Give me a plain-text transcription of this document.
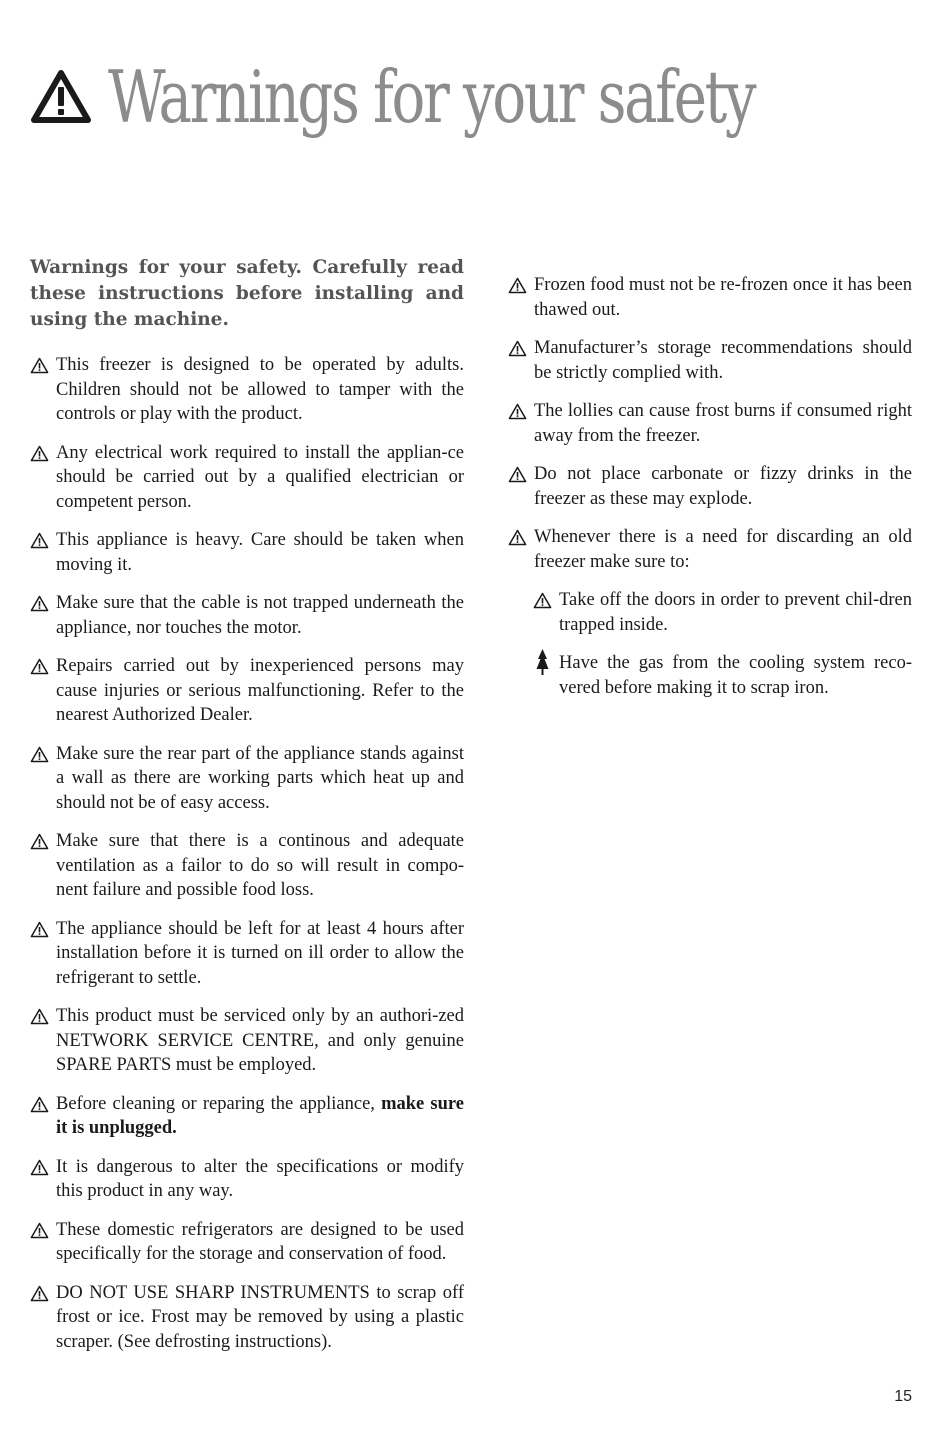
Warnings for your safety

Warnings for your safety. Carefully read these instructions before installing and using the machine.

This freezer is designed to be operated by adults. Children should not be allowed to tamper with the controls or play with the product.
Any electrical work required to install the applian-ce should be carried out by a qualified electrician or competent person.
This appliance is heavy. Care should be taken when moving it.
Make sure that the cable is not trapped underneath the appliance, nor touches the motor.
Repairs carried out by inexperienced persons may cause injuries or serious malfunctioning. Refer to the nearest Authorized Dealer.
Make sure the rear part of the appliance stands against a wall as there are working parts which heat up and should not be of easy access.
Make sure that there is a continous and adequate ventilation as a failor to do so will result in compo-nent failure and possible food loss.
The appliance should be left for at least 4 hours after installation before it is turned on ill order to allow the refrigerant to settle.
This product must be serviced only by an authori-zed NETWORK SERVICE CENTRE, and only genuine SPARE PARTS must be employed.
Before cleaning or reparing the appliance, make sure it is unplugged.
It is dangerous to alter the specifications or modify this product in any way.
These domestic refrigerators are designed to be used specifically for the storage and conservation of food.
DO NOT USE SHARP INSTRUMENTS to scrap off frost or ice. Frost may be removed by using a plastic scraper. (See defrosting instructions).
Frozen food must not be re-frozen once it has been thawed out.
Manufacturer’s storage recommendations should be strictly complied with.
The lollies can cause frost burns if consumed right away from the freezer.
Do not place carbonate or fizzy drinks in the freezer as these may explode.
Whenever there is a need for discarding an old freezer make sure to:
Take off the doors in order to prevent chil-dren trapped inside.
Have the gas from the cooling system reco-vered before making it to scrap iron.
15
